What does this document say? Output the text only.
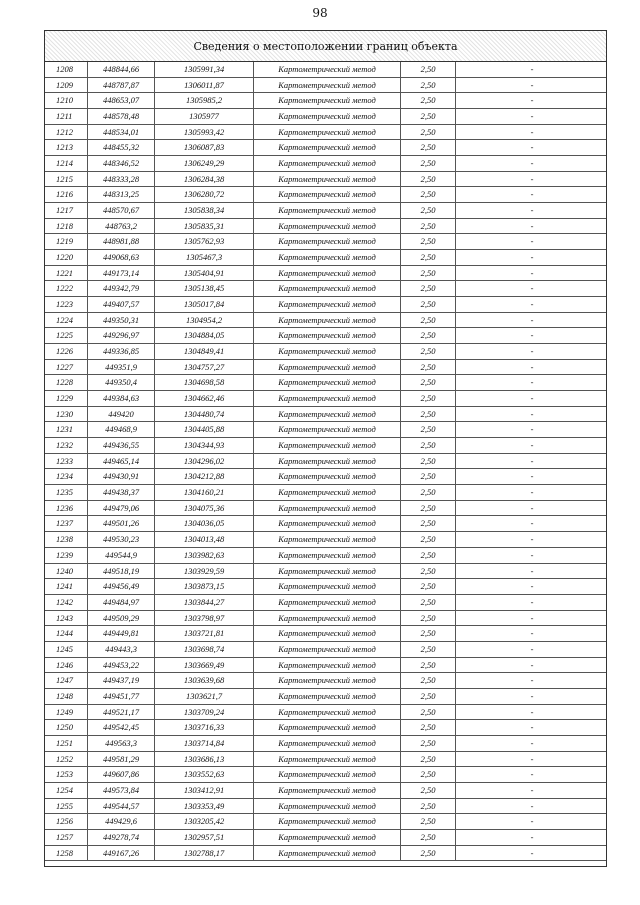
98
Сведения о местоположении границ объекта
1208	448844,66	1305991,34	Картометрический метод	2,50	-
1209	448787,87	1306011,87	Картометрический метод	2,50	-
1210	448653,07	1305985,2	Картометрический метод	2,50	-
1211	448578,48	1305977	Картометрический метод	2,50	-
1212	448534,01	1305993,42	Картометрический метод	2,50	-
1213	448455,32	1306087,83	Картометрический метод	2,50	-
1214	448346,52	1306249,29	Картометрический метод	2,50	-
1215	448333,28	1306284,38	Картометрический метод	2,50	-
1216	448313,25	1306280,72	Картометрический метод	2,50	-
1217	448570,67	1305838,34	Картометрический метод	2,50	-
1218	448763,2	1305835,31	Картометрический метод	2,50	-
1219	448981,88	1305762,93	Картометрический метод	2,50	-
1220	449068,63	1305467,3	Картометрический метод	2,50	-
1221	449173,14	1305404,91	Картометрический метод	2,50	-
1222	449342,79	1305138,45	Картометрический метод	2,50	-
1223	449407,57	1305017,84	Картометрический метод	2,50	-
1224	449350,31	1304954,2	Картометрический метод	2,50	-
1225	449296,97	1304884,05	Картометрический метод	2,50	-
1226	449336,85	1304849,41	Картометрический метод	2,50	-
1227	449351,9	1304757,27	Картометрический метод	2,50	-
1228	449350,4	1304698,58	Картометрический метод	2,50	-
1229	449384,63	1304662,46	Картометрический метод	2,50	-
1230	449420	1304480,74	Картометрический метод	2,50	-
1231	449468,9	1304405,88	Картометрический метод	2,50	-
1232	449436,55	1304344,93	Картометрический метод	2,50	-
1233	449465,14	1304296,02	Картометрический метод	2,50	-
1234	449430,91	1304212,88	Картометрический метод	2,50	-
1235	449438,37	1304160,21	Картометрический метод	2,50	-
1236	449479,06	1304075,36	Картометрический метод	2,50	-
1237	449501,26	1304036,05	Картометрический метод	2,50	-
1238	449530,23	1304013,48	Картометрический метод	2,50	-
1239	449544,9	1303982,63	Картометрический метод	2,50	-
1240	449518,19	1303929,59	Картометрический метод	2,50	-
1241	449456,49	1303873,15	Картометрический метод	2,50	-
1242	449484,97	1303844,27	Картометрический метод	2,50	-
1243	449509,29	1303798,97	Картометрический метод	2,50	-
1244	449449,81	1303721,81	Картометрический метод	2,50	-
1245	449443,3	1303698,74	Картометрический метод	2,50	-
1246	449453,22	1303669,49	Картометрический метод	2,50	-
1247	449437,19	1303639,68	Картометрический метод	2,50	-
1248	449451,77	1303621,7	Картометрический метод	2,50	-
1249	449521,17	1303709,24	Картометрический метод	2,50	-
1250	449542,45	1303716,33	Картометрический метод	2,50	-
1251	449563,3	1303714,84	Картометрический метод	2,50	-
1252	449581,29	1303686,13	Картометрический метод	2,50	-
1253	449607,86	1303552,63	Картометрический метод	2,50	-
1254	449573,84	1303412,91	Картометрический метод	2,50	-
1255	449544,57	1303353,49	Картометрический метод	2,50	-
1256	449429,6	1303205,42	Картометрический метод	2,50	-
1257	449278,74	1302957,51	Картометрический метод	2,50	-
1258	449167,26	1302788,17	Картометрический метод	2,50	-
